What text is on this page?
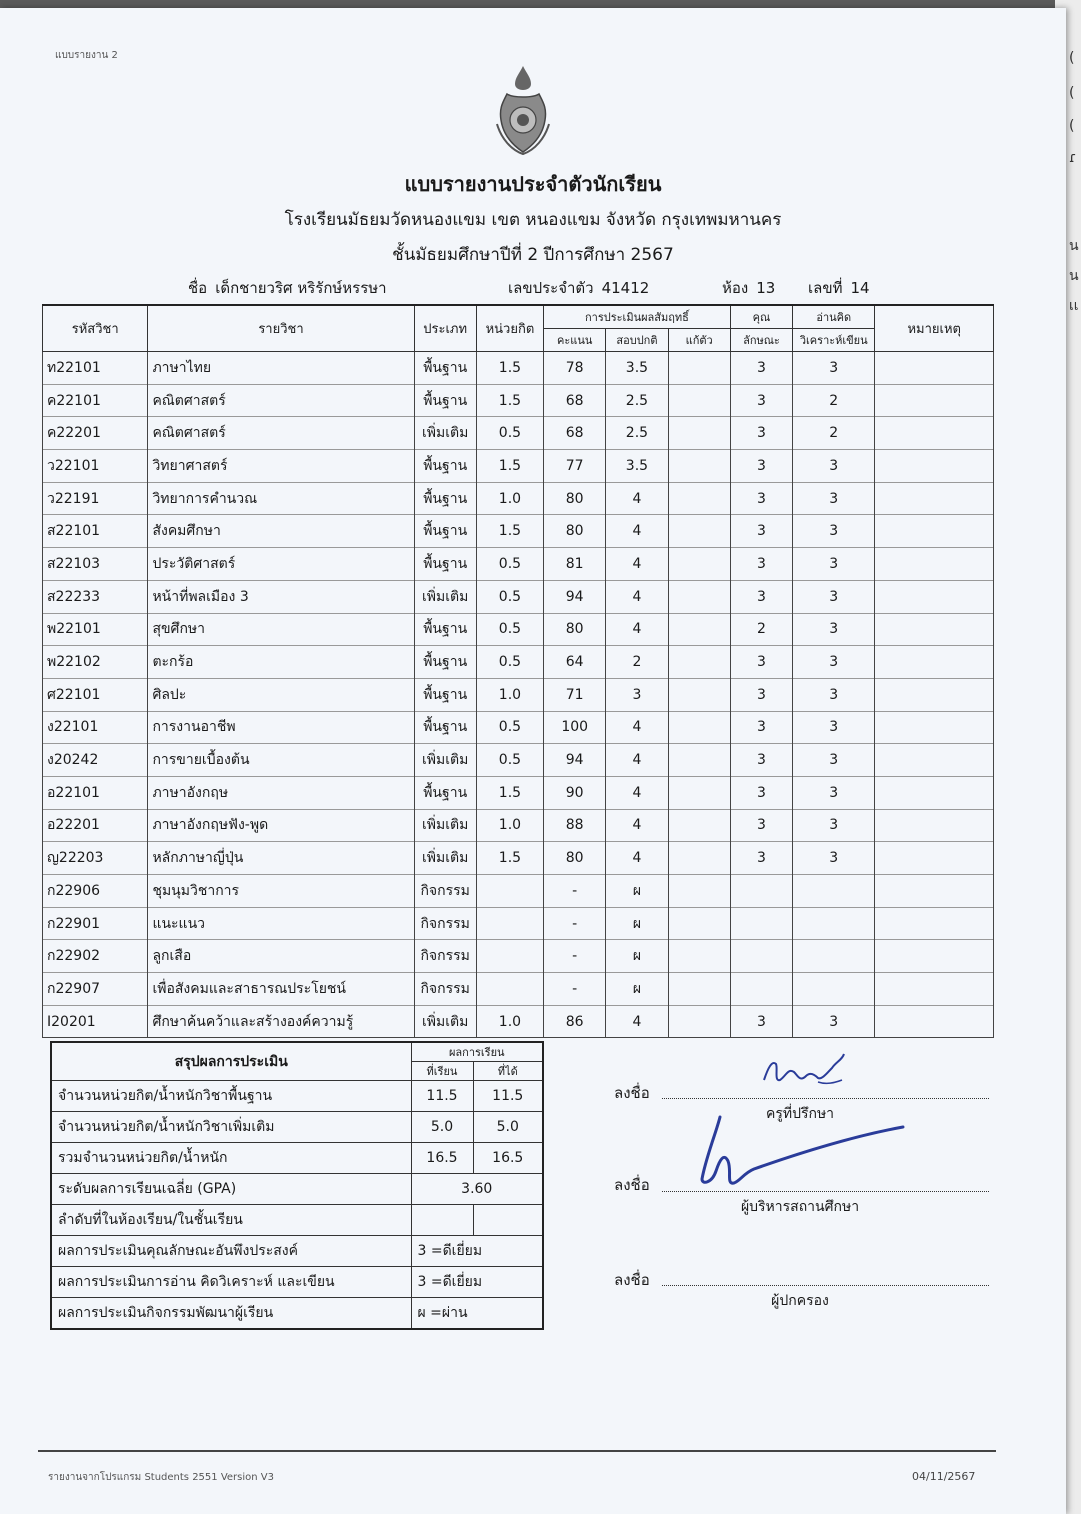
(
(
(
ɾ
น
น
เเ
แบบรายงาน 2
แบบรายงานประจำตัวนักเรียน
โรงเรียนมัธยมวัดหนองแขม เขต หนองแขม จังหวัด กรุงเทพมหานคร
ชั้นมัธยมศึกษาปีที่ 2 ปีการศึกษา 2567
ชื่อ เด็กชายวริศ หริรักษ์หรรษา	เลขประจำตัว 41412	ห้อง 13 เลขที่ 14
รหัสวิชา	รายวิชา	ประเภท	หน่วยกิต	การประเมินผลสัมฤทธิ์			คุณ	อ่านคิด	หมายเหตุ
				คะแนน	สอบปกติ	แก้ตัว	ลักษณะ	วิเคราะห์เขียน	
ท22101	ภาษาไทย	พื้นฐาน	1.5	78	3.5		3	3	
ค22101	คณิตศาสตร์	พื้นฐาน	1.5	68	2.5		3	2	
ค22201	คณิตศาสตร์	เพิ่มเติม	0.5	68	2.5		3	2	
ว22101	วิทยาศาสตร์	พื้นฐาน	1.5	77	3.5		3	3	
ว22191	วิทยาการคำนวณ	พื้นฐาน	1.0	80	4		3	3	
ส22101	สังคมศึกษา	พื้นฐาน	1.5	80	4		3	3	
ส22103	ประวัติศาสตร์	พื้นฐาน	0.5	81	4		3	3	
ส22233	หน้าที่พลเมือง 3	เพิ่มเติม	0.5	94	4		3	3	
พ22101	สุขศึกษา	พื้นฐาน	0.5	80	4		2	3	
พ22102	ตะกร้อ	พื้นฐาน	0.5	64	2		3	3	
ศ22101	ศิลปะ	พื้นฐาน	1.0	71	3		3	3	
ง22101	การงานอาชีพ	พื้นฐาน	0.5	100	4		3	3	
ง20242	การขายเบื้องต้น	เพิ่มเติม	0.5	94	4		3	3	
อ22101	ภาษาอังกฤษ	พื้นฐาน	1.5	90	4		3	3	
อ22201	ภาษาอังกฤษฟัง-พูด	เพิ่มเติม	1.0	88	4		3	3	
ญ22203	หลักภาษาญี่ปุ่น	เพิ่มเติม	1.5	80	4		3	3	
ก22906	ชุมนุมวิชาการ	กิจกรรม		-	ผ				
ก22901	แนะแนว	กิจกรรม		-	ผ				
ก22902	ลูกเสือ	กิจกรรม		-	ผ				
ก22907	เพื่อสังคมและสาธารณประโยชน์	กิจกรรม		-	ผ				
I20201	ศึกษาค้นคว้าและสร้างองค์ความรู้	เพิ่มเติม	1.0	86	4		3	3	
สรุปผลการประเมิน	ผลการเรียน	
	ที่เรียน	ที่ได้
จำนวนหน่วยกิต/น้ำหนักวิชาพื้นฐาน	11.5	11.5
จำนวนหน่วยกิต/น้ำหนักวิชาเพิ่มเติม	5.0	5.0
รวมจำนวนหน่วยกิต/น้ำหนัก	16.5	16.5
ระดับผลการเรียนเฉลี่ย (GPA)	3.60	
ลำดับที่ในห้องเรียน/ในชั้นเรียน		
ผลการประเมินคุณลักษณะอันพึงประสงค์	3 =ดีเยี่ยม	
ผลการประเมินการอ่าน คิดวิเคราะห์ และเขียน	3 =ดีเยี่ยม	
ผลการประเมินกิจกรรมพัฒนาผู้เรียน	ผ =ผ่าน	
ลงชื่อ
ปิยวรรณ์
ครูที่ปรึกษา
ลงชื่อ
ผู้บริหารสถานศึกษา
ลงชื่อ
ผู้ปกครอง
รายงานจากโปรแกรม Students 2551 Version V3	04/11/2567
